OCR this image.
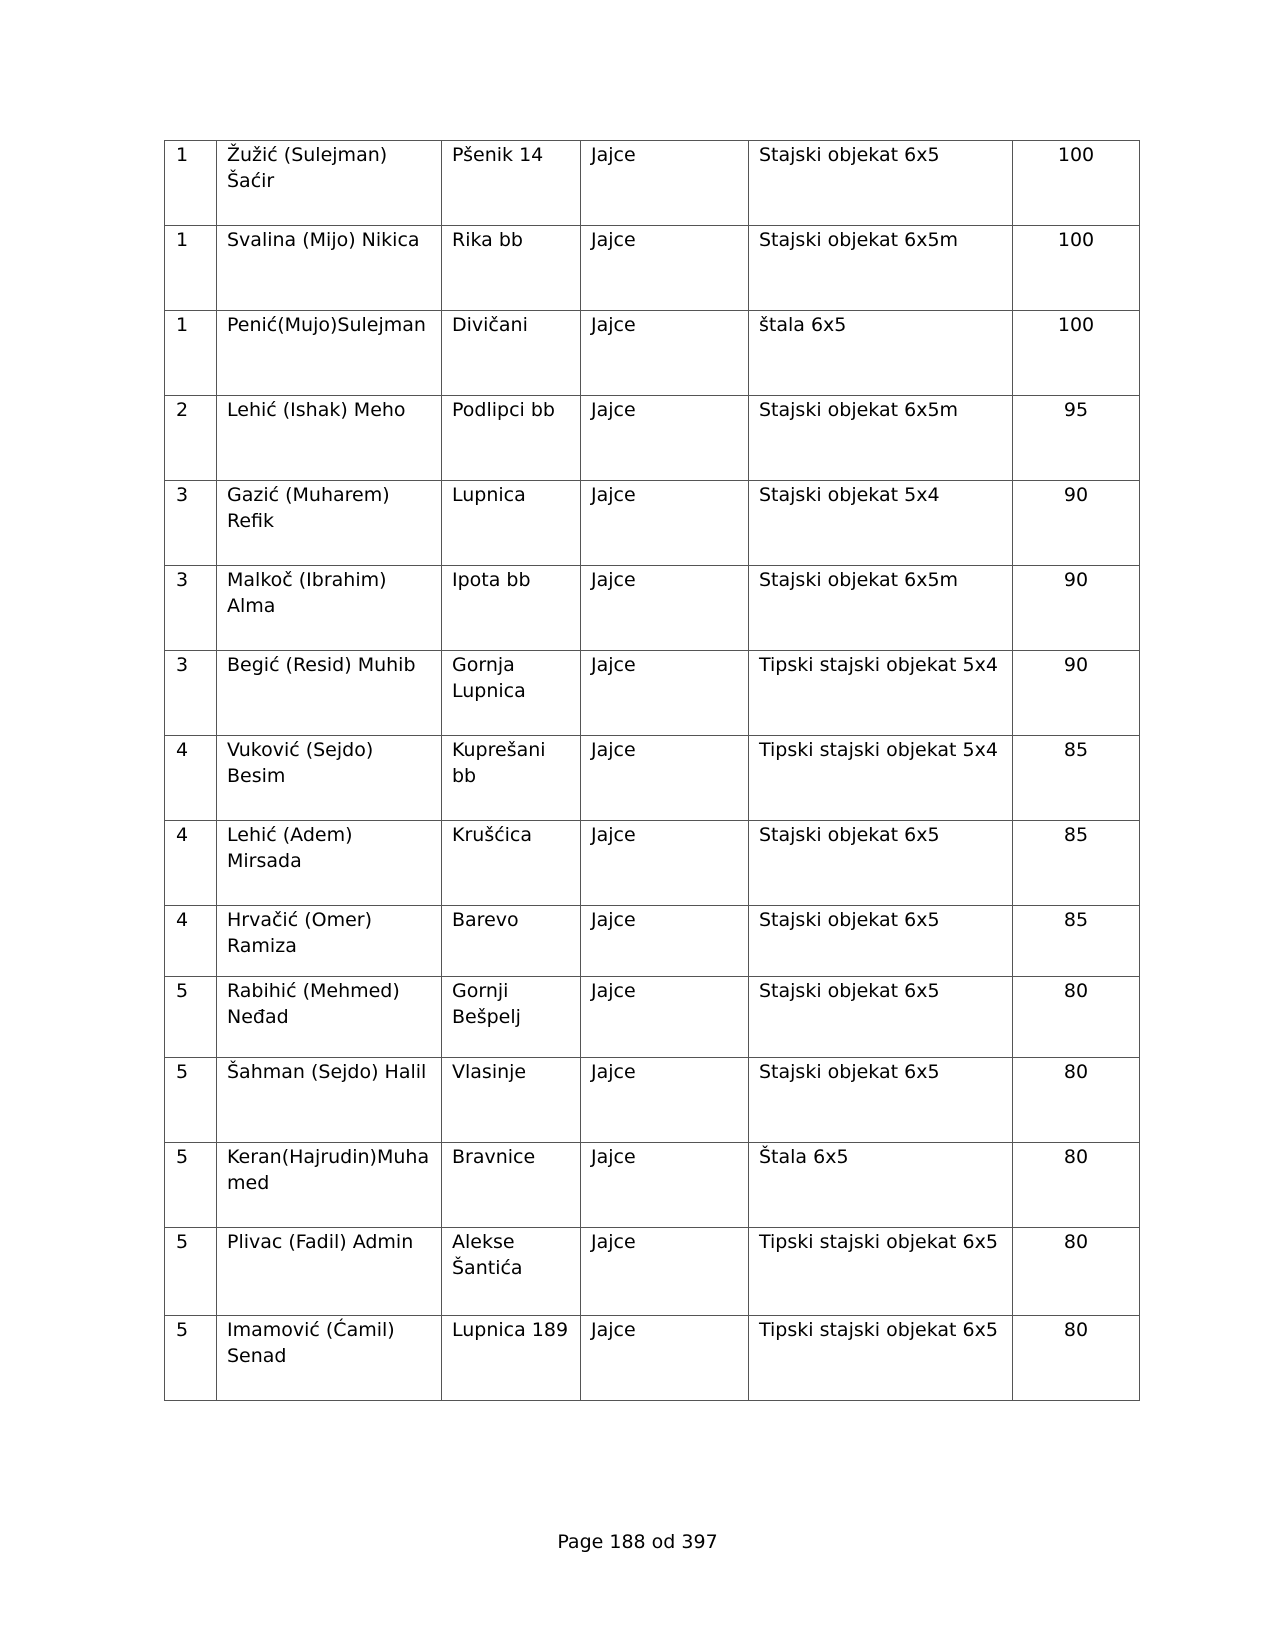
1	Žužić (Sulejman) Šaćir	Pšenik 14	Jajce	Stajski objekat 6x5	100
1	Svalina (Mijo) Nikica	Rika bb	Jajce	Stajski objekat 6x5m	100
1	Penić(Mujo)Sulejman	Divičani	Jajce	štala 6x5	100
2	Lehić (Ishak) Meho	Podlipci bb	Jajce	Stajski objekat 6x5m	95
3	Gazić (Muharem) Refik	Lupnica	Jajce	Stajski objekat 5x4	90
3	Malkoč (Ibrahim) Alma	Ipota bb	Jajce	Stajski objekat 6x5m	90
3	Begić (Resid) Muhib	Gornja Lupnica	Jajce	Tipski stajski objekat 5x4	90
4	Vuković (Sejdo) Besim	Kuprešani bb	Jajce	Tipski stajski objekat 5x4	85
4	Lehić (Adem) Mirsada	Krušćica	Jajce	Stajski objekat 6x5	85
4	Hrvačić (Omer) Ramiza	Barevo	Jajce	Stajski objekat 6x5	85
5	Rabihić (Mehmed) Neđad	Gornji Bešpelj	Jajce	Stajski objekat 6x5	80
5	Šahman (Sejdo) Halil	Vlasinje	Jajce	Stajski objekat 6x5	80
5	Keran(Hajrudin)Muhamed	Bravnice	Jajce	Štala 6x5	80
5	Plivac (Fadil) Admin	Alekse Šantića	Jajce	Tipski stajski objekat 6x5	80
5	Imamović (Ćamil) Senad	Lupnica 189	Jajce	Tipski stajski objekat 6x5	80
Page 188 od 397
